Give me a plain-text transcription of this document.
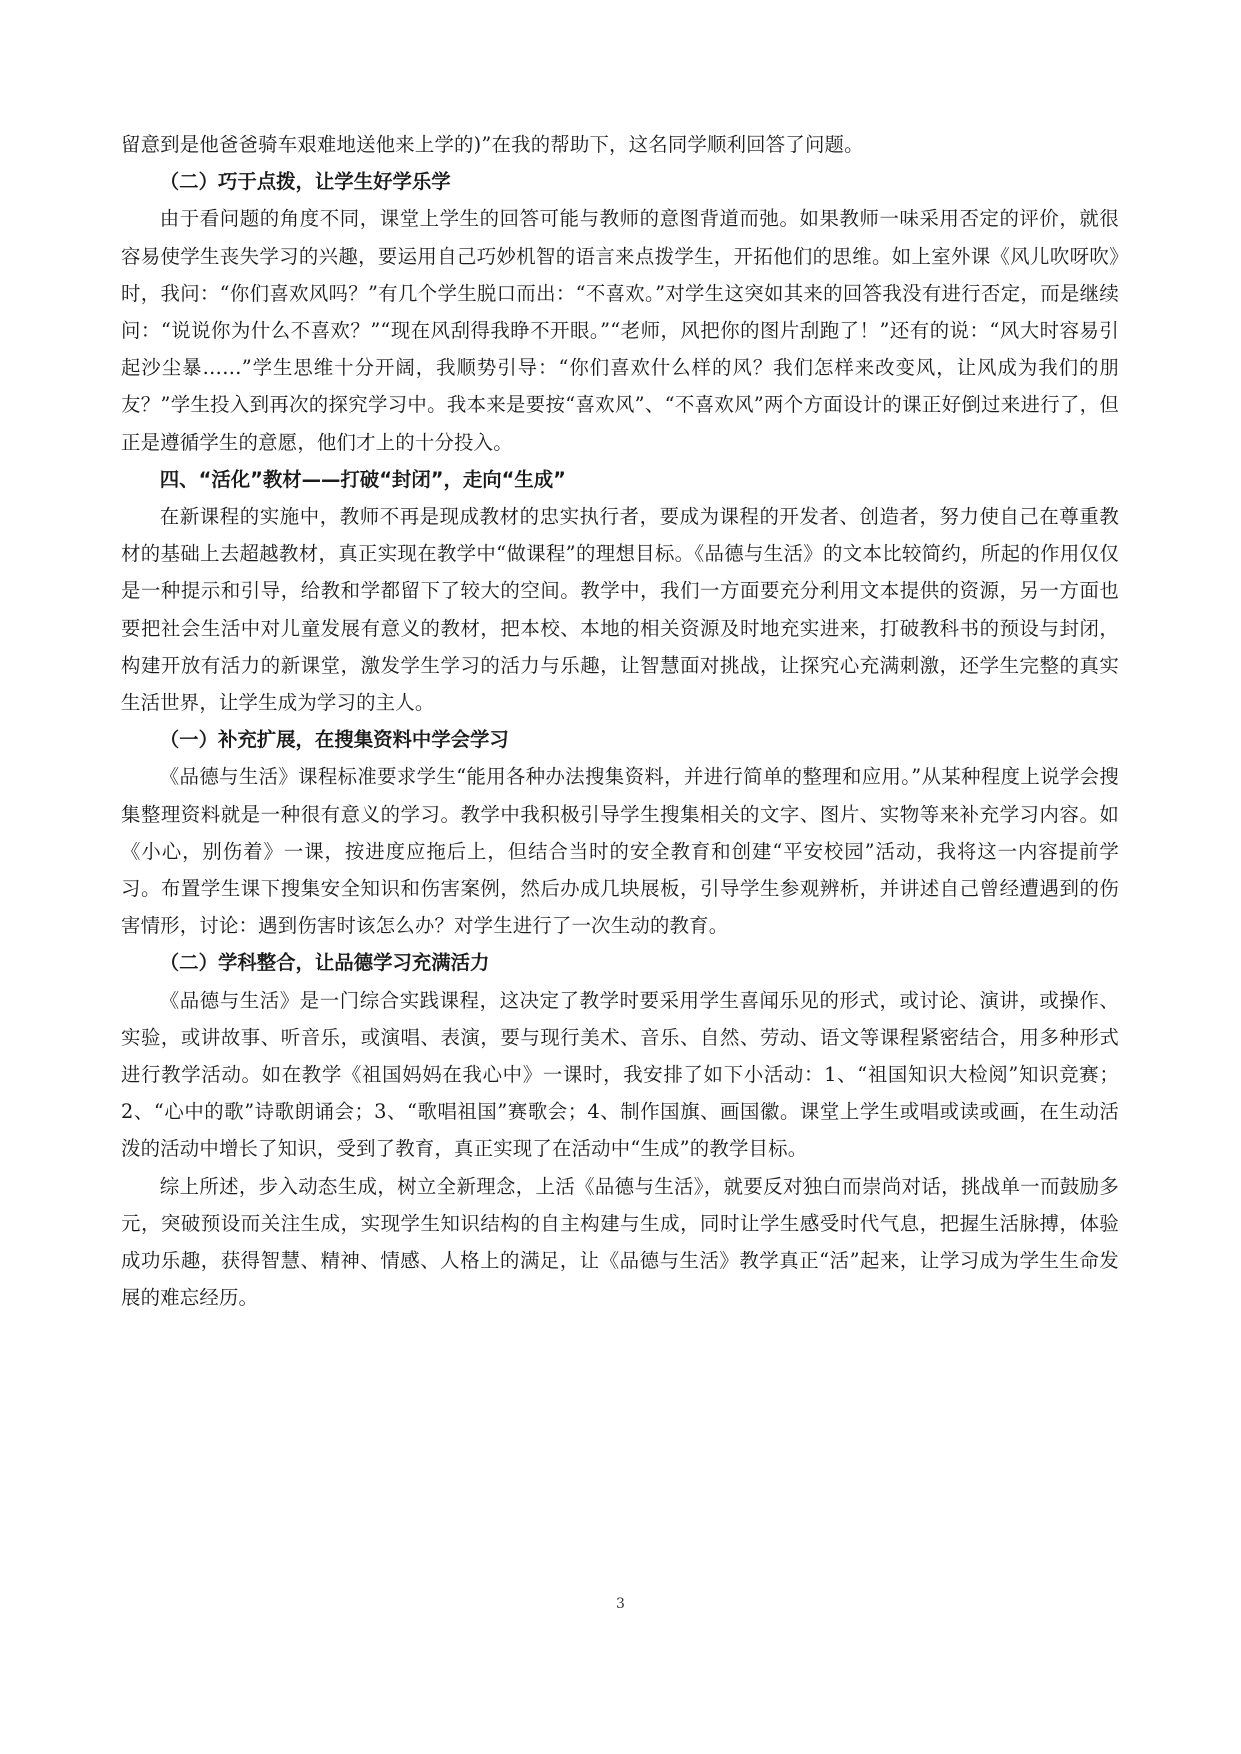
留意到是他爸爸骑车艰难地送他来上学的)”在我的帮助下，这名同学顺利回答了问题。

（二）巧于点拨，让学生好学乐学

由于看问题的角度不同，课堂上学生的回答可能与教师的意图背道而弛。如果教师一味采用否定的评价，就很容易使学生丧失学习的兴趣，要运用自己巧妙机智的语言来点拨学生，开拓他们的思维。如上室外课《风儿吹呀吹》时，我问：“你们喜欢风吗？”有几个学生脱口而出：“不喜欢。”对学生这突如其来的回答我没有进行否定，而是继续问：“说说你为什么不喜欢？”“现在风刮得我睁不开眼。”“老师，风把你的图片刮跑了！”还有的说：“风大时容易引起沙尘暴……”学生思维十分开阔，我顺势引导：“你们喜欢什么样的风？我们怎样来改变风，让风成为我们的朋友？”学生投入到再次的探究学习中。我本来是要按“喜欢风”、“不喜欢风”两个方面设计的课正好倒过来进行了，但正是遵循学生的意愿，他们才上的十分投入。

四、“活化”教材——打破“封闭”，走向“生成”

在新课程的实施中，教师不再是现成教材的忠实执行者，要成为课程的开发者、创造者，努力使自己在尊重教材的基础上去超越教材，真正实现在教学中“做课程”的理想目标。《品德与生活》的文本比较简约，所起的作用仅仅是一种提示和引导，给教和学都留下了较大的空间。教学中，我们一方面要充分利用文本提供的资源，另一方面也要把社会生活中对儿童发展有意义的教材，把本校、本地的相关资源及时地充实进来，打破教科书的预设与封闭，构建开放有活力的新课堂，激发学生学习的活力与乐趣，让智慧面对挑战，让探究心充满刺激，还学生完整的真实生活世界，让学生成为学习的主人。

（一）补充扩展，在搜集资料中学会学习

《品德与生活》课程标准要求学生“能用各种办法搜集资料，并进行简单的整理和应用。”从某种程度上说学会搜集整理资料就是一种很有意义的学习。教学中我积极引导学生搜集相关的文字、图片、实物等来补充学习内容。如《小心，别伤着》一课，按进度应拖后上，但结合当时的安全教育和创建“平安校园”活动，我将这一内容提前学习。布置学生课下搜集安全知识和伤害案例，然后办成几块展板，引导学生参观辨析，并讲述自己曾经遭遇到的伤害情形，讨论：遇到伤害时该怎么办？对学生进行了一次生动的教育。

（二）学科整合，让品德学习充满活力

《品德与生活》是一门综合实践课程，这决定了教学时要采用学生喜闻乐见的形式，或讨论、演讲，或操作、实验，或讲故事、听音乐，或演唱、表演，要与现行美术、音乐、自然、劳动、语文等课程紧密结合，用多种形式进行教学活动。如在教学《祖国妈妈在我心中》一课时，我安排了如下小活动：1、“祖国知识大检阅”知识竞赛；2、“心中的歌”诗歌朗诵会；3、“歌唱祖国”赛歌会；4、制作国旗、画国徽。课堂上学生或唱或读或画，在生动活泼的活动中增长了知识，受到了教育，真正实现了在活动中“生成”的教学目标。

综上所述，步入动态生成，树立全新理念，上活《品德与生活》，就要反对独白而崇尚对话，挑战单一而鼓励多元，突破预设而关注生成，实现学生知识结构的自主构建与生成，同时让学生感受时代气息，把握生活脉搏，体验成功乐趣，获得智慧、精神、情感、人格上的满足，让《品德与生活》教学真正“活”起来，让学习成为学生生命发展的难忘经历。

3
